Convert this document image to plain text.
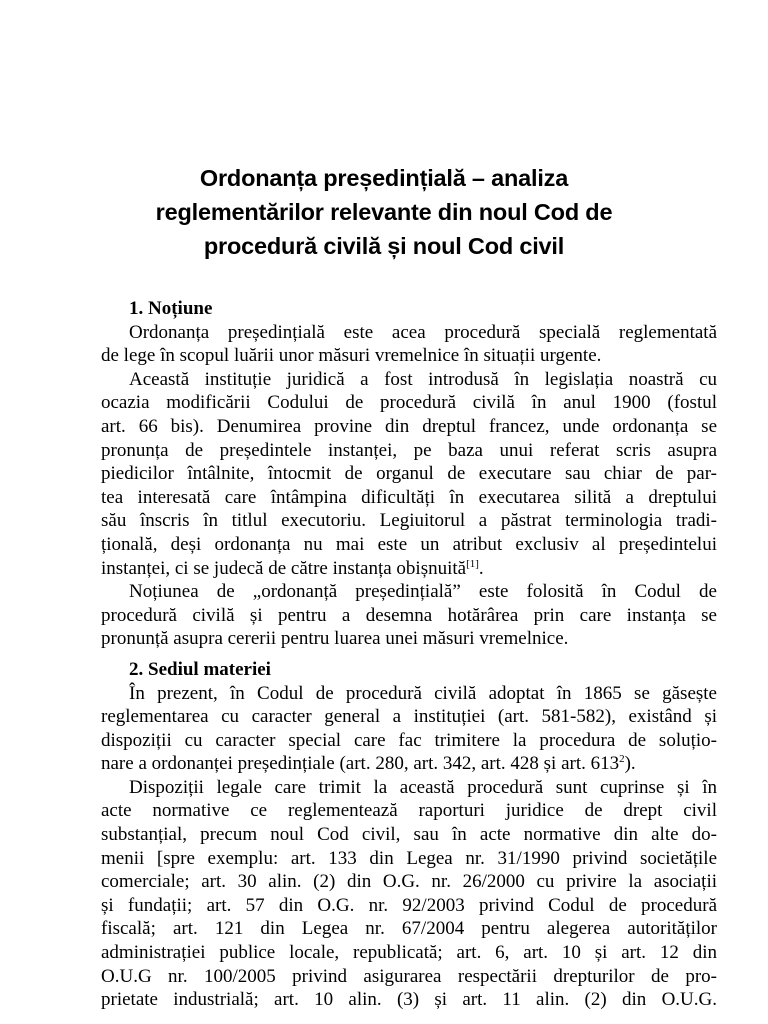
Ordonanța președințială – analiza
reglementărilor relevante din noul Cod de
procedură civilă și noul Cod civil
1. Noțiune
Ordonanța președințială este acea procedură specială reglementată
de lege în scopul luării unor măsuri vremelnice în situații urgente.
Această instituție juridică a fost introdusă în legislația noastră cu
ocazia modificării Codului de procedură civilă în anul 1900 (fostul
art. 66 bis). Denumirea provine din dreptul francez, unde ordonanța se
pronunța de președintele instanței, pe baza unui referat scris asupra
piedicilor întâlnite, întocmit de organul de executare sau chiar de par-
tea interesată care întâmpina dificultăți în executarea silită a dreptului
său înscris în titlul executoriu. Legiuitorul a păstrat terminologia tradi-
țională, deși ordonanța nu mai este un atribut exclusiv al președintelui
instanței, ci se judecă de către instanța obișnuită[1].
Noțiunea de „ordonanță președințială” este folosită în Codul de
procedură civilă și pentru a desemna hotărârea prin care instanța se
pronunță asupra cererii pentru luarea unei măsuri vremelnice.
2. Sediul materiei
În prezent, în Codul de procedură civilă adoptat în 1865 se găsește
reglementarea cu caracter general a instituției (art. 581-582), existând și
dispoziții cu caracter special care fac trimitere la procedura de soluțio-
nare a ordonanței președințiale (art. 280, art. 342, art. 428 și art. $613^2$).
Dispoziții legale care trimit la această procedură sunt cuprinse și în
acte normative ce reglementează raporturi juridice de drept civil
substanțial, precum noul Cod civil, sau în acte normative din alte do-
menii [spre exemplu: art. 133 din Legea nr. 31/1990 privind societățile
comerciale; art. 30 alin. (2) din O.G. nr. 26/2000 cu privire la asociații
și fundații; art. 57 din O.G. nr. 92/2003 privind Codul de procedură
fiscală; art. 121 din Legea nr. 67/2004 pentru alegerea autorităților
administrației publice locale, republicată; art. 6, art. 10 și art. 12 din
O.U.G nr. 100/2005 privind asigurarea respectării drepturilor de pro-
prietate industrială; art. 10 alin. (3) și art. 11 alin. (2) din O.U.G.
